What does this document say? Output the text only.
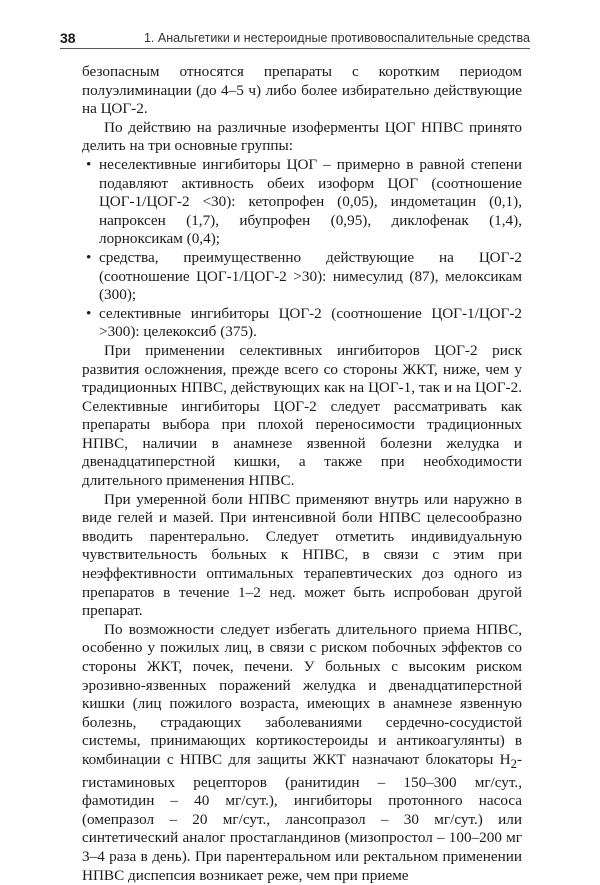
38	1. Анальгетики и нестероидные противовоспалительные средства

безопасным относятся препараты с коротким периодом полуэлиминации (до 4–5 ч) либо более избирательно действующие на ЦОГ-2.

По действию на различные изоферменты ЦОГ НПВС принято делить на три основные группы:

• неселективные ингибиторы ЦОГ – примерно в равной степени подавляют активность обеих изоформ ЦОГ (соотношение ЦОГ-1/ЦОГ-2 <30): кетопрофен (0,05), индометацин (0,1), напроксен (1,7), ибупрофен (0,95), диклофенак (1,4), лорноксикам (0,4);
• средства, преимущественно действующие на ЦОГ-2 (соотношение ЦОГ-1/ЦОГ-2 >30): нимесулид (87), мелоксикам (300);
• селективные ингибиторы ЦОГ-2 (соотношение ЦОГ-1/ЦОГ-2 >300): целекоксиб (375).

При применении селективных ингибиторов ЦОГ-2 риск развития осложнения, прежде всего со стороны ЖКТ, ниже, чем у традиционных НПВС, действующих как на ЦОГ-1, так и на ЦОГ-2. Селективные ингибиторы ЦОГ-2 следует рассматривать как препараты выбора при плохой переносимости традиционных НПВС, наличии в анамнезе язвенной болезни желудка и двенадцатиперстной кишки, а также при необходимости длительного применения НПВС.

При умеренной боли НПВС применяют внутрь или наружно в виде гелей и мазей. При интенсивной боли НПВС целесообразно вводить парентерально. Следует отметить индивидуальную чувствительность больных к НПВС, в связи с этим при неэффективности оптимальных терапевтических доз одного из препаратов в течение 1–2 нед. может быть испробован другой препарат.

По возможности следует избегать длительного приема НПВС, особенно у пожилых лиц, в связи с риском побочных эффектов со стороны ЖКТ, почек, печени. У больных с высоким риском эрозивно-язвенных поражений желудка и двенадцатиперстной кишки (лиц пожилого возраста, имеющих в анамнезе язвенную болезнь, страдающих заболеваниями сердечно-сосудистой системы, принимающих кортикостероиды и антикоагулянты) в комбинации с НПВС для защиты ЖКТ назначают блокаторы $H_2$-гистаминовых рецепторов (ранитидин – 150–300 мг/сут., фамотидин – 40 мг/сут.), ингибиторы протонного насоса (омепразол – 20 мг/сут., лансопразол – 30 мг/сут.) или синтетический аналог простагландинов (мизопростол – 100–200 мг 3–4 раза в день). При парентеральном или ректальном применении НПВС диспепсия возникает реже, чем при приеме
